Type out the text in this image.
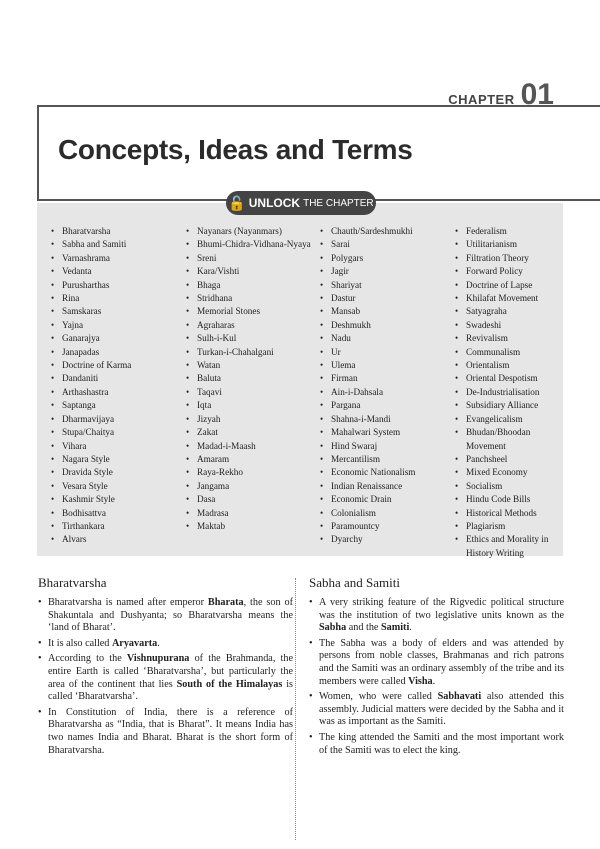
CHAPTER 01
Concepts, Ideas and Terms
🔓 UNLOCK THE CHAPTER
• Bharatvarsha
• Sabha and Samiti
• Varnashrama
• Vedanta
• Purusharthas
• Rina
• Samskaras
• Yajna
• Ganarajya
• Janapadas
• Doctrine of Karma
• Dandaniti
• Arthashastra
• Saptanga
• Dharmavijaya
• Stupa/Chaitya
• Vihara
• Nagara Style
• Dravida Style
• Vesara Style
• Kashmir Style
• Bodhisattva
• Tirthankara
• Alvars
• Nayanars (Nayanmars)
• Bhumi-Chidra-Vidhana-Nyaya
• Sreni
• Kara/Vishti
• Bhaga
• Stridhana
• Memorial Stones
• Agraharas
• Sulh-i-Kul
• Turkan-i-Chahalgani
• Watan
• Baluta
• Taqavi
• Iqta
• Jizyah
• Zakat
• Madad-i-Maash
• Amaram
• Raya-Rekho
• Jangama
• Dasa
• Madrasa
• Maktab
• Chauth/Sardeshmukhi
• Sarai
• Polygars
• Jagir
• Shariyat
• Dastur
• Mansab
• Deshmukh
• Nadu
• Ur
• Ulema
• Firman
• Ain-i-Dahsala
• Pargana
• Shahna-i-Mandi
• Mahalwari System
• Hind Swaraj
• Mercantilism
• Economic Nationalism
• Indian Renaissance
• Economic Drain
• Colonialism
• Paramountcy
• Dyarchy
• Federalism
• Utilitarianism
• Filtration Theory
• Forward Policy
• Doctrine of Lapse
• Khilafat Movement
• Satyagraha
• Swadeshi
• Revivalism
• Communalism
• Orientalism
• Oriental Despotism
• De-Industrialisation
• Subsidiary Alliance
• Evangelicalism
• Bhudan/Bhoodan Movement
• Panchsheel
• Mixed Economy
• Socialism
• Hindu Code Bills
• Historical Methods
• Plagiarism
• Ethics and Morality in History Writing
Bharatvarsha
• Bharatvarsha is named after emperor Bharata, the son of Shakuntala and Dushyanta; so Bharatvarsha means the ‘land of Bharat’.
• It is also called Aryavarta.
• According to the Vishnupurana of the Brahmanda, the entire Earth is called ‘Bharatvarsha’, but particularly the area of the continent that lies South of the Himalayas is called ‘Bharatvarsha’.
• In Constitution of India, there is a reference of Bharatvarsha as “India, that is Bharat”. It means India has two names India and Bharat. Bharat is the short form of Bharatvarsha.
Sabha and Samiti
• A very striking feature of the Rigvedic political structure was the institution of two legislative units known as the Sabha and the Samiti.
• The Sabha was a body of elders and was attended by persons from noble classes, Brahmanas and rich patrons and the Samiti was an ordinary assembly of the tribe and its members were called Visha.
• Women, who were called Sabhavati also attended this assembly. Judicial matters were decided by the Sabha and it was as important as the Samiti.
• The king attended the Samiti and the most important work of the Samiti was to elect the king.
